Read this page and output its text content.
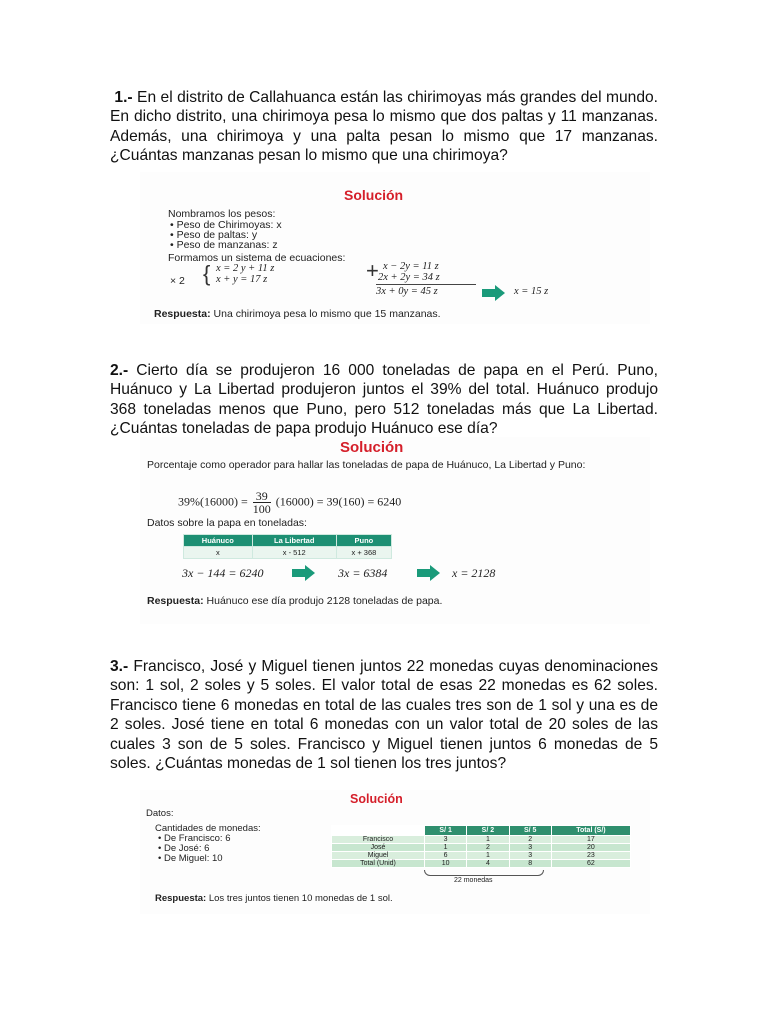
1.- En el distrito de Callahuanca están las chirimoyas más grandes del mundo. En dicho distrito, una chirimoya pesa lo mismo que dos paltas y 11 manzanas. Además, una chirimoya y una palta pesan lo mismo que 17 manzanas. ¿Cuántas manzanas pesan lo mismo que una chirimoya?
Solución
Nombramos los pesos:
• Peso de Chirimoyas: x
• Peso de paltas: y
• Peso de manzanas: z
Formamos un sistema de ecuaciones:
× 2 { x = 2 y + 11 z
x + y = 17 z	+ x − 2y = 11 z
2x + 2y = 34 z
3x + 0y = 45 z	x = 15 z
Respuesta: Una chirimoya pesa lo mismo que 15 manzanas.
2.- Cierto día se produjeron 16 000 toneladas de papa en el Perú. Puno, Huánuco y La Libertad produjeron juntos el 39% del total. Huánuco produjo 368 toneladas menos que Puno, pero 512 toneladas más que La Libertad. ¿Cuántas toneladas de papa produjo Huánuco ese día?
Solución
Porcentaje como operador para hallar las toneladas de papa de Huánuco, La Libertad y Puno:
$39\%(16000) = \frac{39}{100} (16000) = 39(160) = 6240$
Datos sobre la papa en toneladas:
Huánuco	La Libertad	Puno
x	x - 512	x + 368
3x − 144 = 6240	3x = 6384	x = 2128
Respuesta: Huánuco ese día produjo 2128 toneladas de papa.
3.- Francisco, José y Miguel tienen juntos 22 monedas cuyas denominaciones son: 1 sol, 2 soles y 5 soles. El valor total de esas 22 monedas es 62 soles. Francisco tiene 6 monedas en total de las cuales tres son de 1 sol y una es de 2 soles. José tiene en total 6 monedas con un valor total de 20 soles de las cuales 3 son de 5 soles. Francisco y Miguel tienen juntos 6 monedas de 5 soles. ¿Cuántas monedas de 1 sol tienen los tres juntos?
Solución
Datos:
Cantidades de monedas:
• De Francisco: 6
• De José: 6
• De Miguel: 10
	S/ 1	S/ 2	S/ 5	Total (S/)
Francisco	3	1	2	17
José	1	2	3	20
Miguel	6	1	3	23
Total (Unid)	10	4	8	62
22 monedas
Respuesta: Los tres juntos tienen 10 monedas de 1 sol.
